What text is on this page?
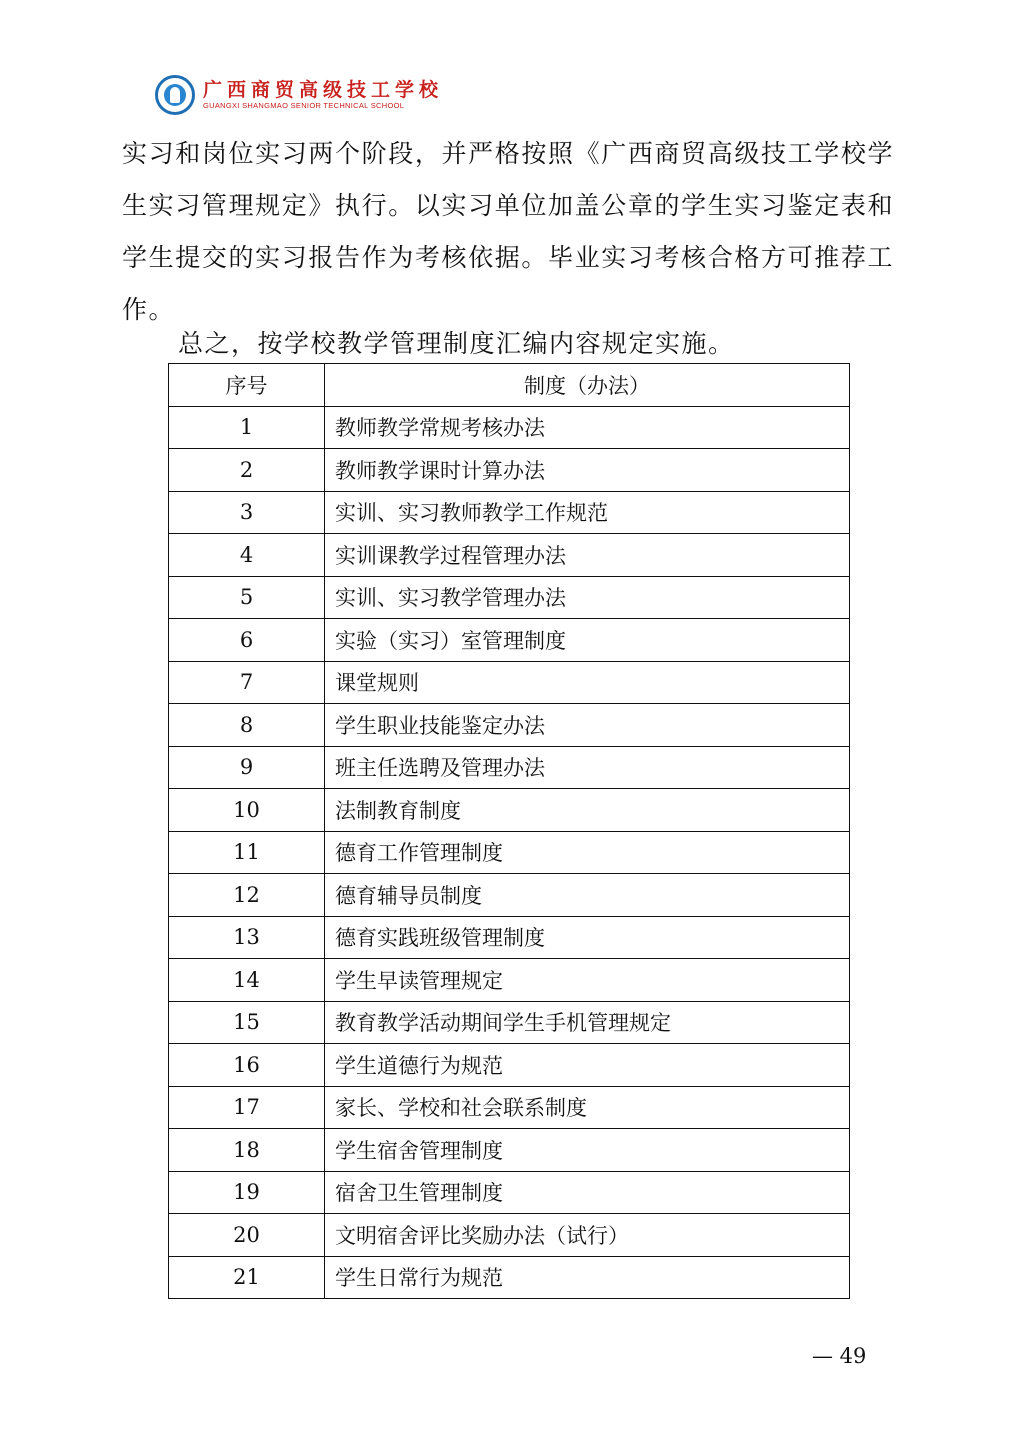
广西商贸高级技工学校
GUANGXI SHANGMAO SENIOR TECHNICAL SCHOOL
实习和岗位实习两个阶段，并严格按照《广西商贸高级技工学校学生实习管理规定》执行。以实习单位加盖公章的学生实习鉴定表和学生提交的实习报告作为考核依据。毕业实习考核合格方可推荐工作。
总之，按学校教学管理制度汇编内容规定实施。
序号	制度（办法）
1	教师教学常规考核办法
2	教师教学课时计算办法
3	实训、实习教师教学工作规范
4	实训课教学过程管理办法
5	实训、实习教学管理办法
6	实验（实习）室管理制度
7	课堂规则
8	学生职业技能鉴定办法
9	班主任选聘及管理办法
10	法制教育制度
11	德育工作管理制度
12	德育辅导员制度
13	德育实践班级管理制度
14	学生早读管理规定
15	教育教学活动期间学生手机管理规定
16	学生道德行为规范
17	家长、学校和社会联系制度
18	学生宿舍管理制度
19	宿舍卫生管理制度
20	文明宿舍评比奖励办法（试行）
21	学生日常行为规范
— 49
